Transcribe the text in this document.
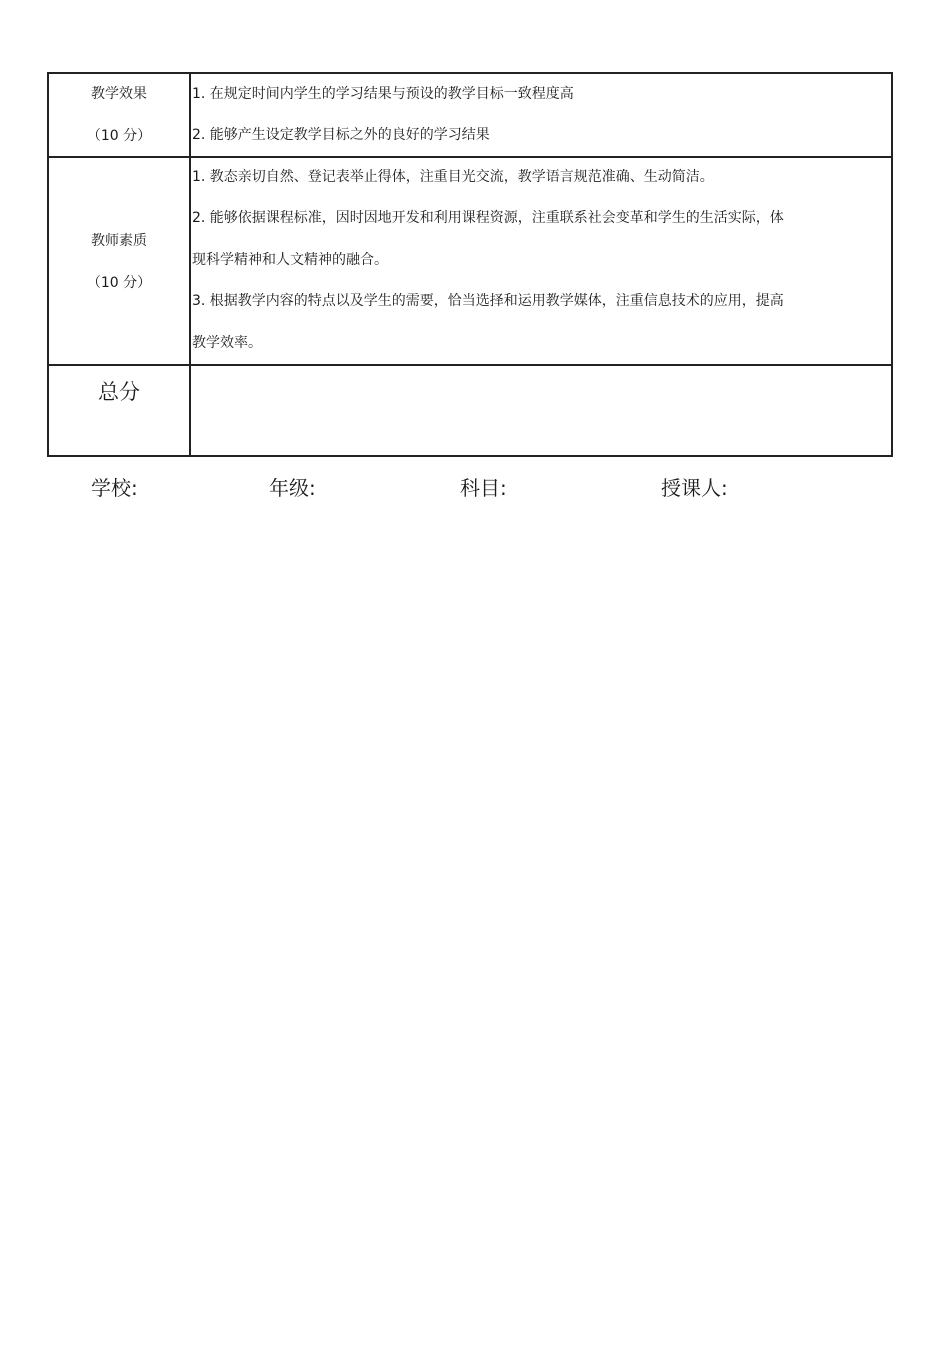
教学效果
（10 分）	1. 在规定时间内学生的学习结果与预设的教学目标一致程度高
2. 能够产生设定教学目标之外的良好的学习结果

教师素质
（10 分）	1. 教态亲切自然、登记表举止得体，注重目光交流，教学语言规范准确、生动简洁。
2. 能够依据课程标准，因时因地开发和利用课程资源，注重联系社会变革和学生的生活实际，体
现科学精神和人文精神的融合。
3. 根据教学内容的特点以及学生的需要，恰当选择和运用教学媒体，注重信息技术的应用，提高
教学效率。

总分	

学校:	年级:	科目:	授课人:
